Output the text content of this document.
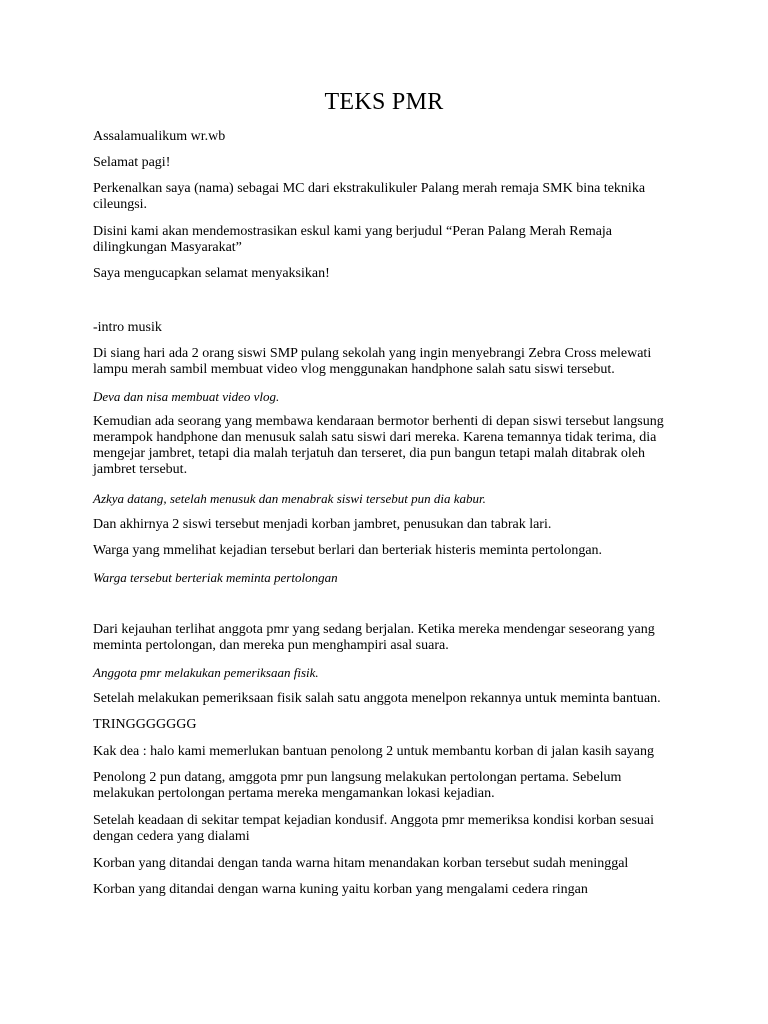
TEKS PMR
Assalamualikum wr.wb
Selamat pagi!
Perkenalkan saya (nama) sebagai MC dari ekstrakulikuler Palang merah remaja SMK bina teknika
cileungsi.
Disini kami akan mendemostrasikan eskul kami yang berjudul “Peran Palang Merah Remaja
dilingkungan Masyarakat”
Saya mengucapkan selamat menyaksikan!
-intro musik
Di siang hari ada 2 orang siswi SMP pulang sekolah yang ingin menyebrangi Zebra Cross melewati
lampu merah sambil membuat video vlog menggunakan handphone salah satu siswi tersebut.
Deva dan nisa membuat video vlog.
Kemudian ada seorang yang membawa kendaraan bermotor berhenti di depan siswi tersebut langsung
merampok handphone dan menusuk salah satu siswi dari mereka. Karena temannya tidak terima, dia
mengejar jambret, tetapi dia malah terjatuh dan terseret, dia pun bangun tetapi malah ditabrak oleh
jambret tersebut.
Azkya datang, setelah menusuk dan menabrak siswi tersebut pun dia kabur.
Dan akhirnya 2 siswi tersebut menjadi korban jambret, penusukan dan tabrak lari.
Warga yang mmelihat kejadian tersebut berlari dan berteriak histeris meminta pertolongan.
Warga tersebut berteriak meminta pertolongan
Dari kejauhan terlihat anggota pmr yang sedang berjalan. Ketika mereka mendengar seseorang yang
meminta pertolongan, dan mereka pun menghampiri asal suara.
Anggota pmr melakukan pemeriksaan fisik.
Setelah melakukan pemeriksaan fisik salah satu anggota menelpon rekannya untuk meminta bantuan.
TRINGGGGGGG
Kak dea : halo kami memerlukan bantuan penolong 2 untuk membantu korban di jalan kasih sayang
Penolong 2 pun datang, amggota pmr pun langsung melakukan pertolongan pertama. Sebelum
melakukan pertolongan pertama mereka mengamankan lokasi kejadian.
Setelah keadaan di sekitar tempat kejadian kondusif. Anggota pmr memeriksa kondisi korban sesuai
dengan cedera yang dialami
Korban yang ditandai dengan tanda warna hitam menandakan korban tersebut sudah meninggal
Korban yang ditandai dengan warna kuning yaitu korban yang mengalami cedera ringan
